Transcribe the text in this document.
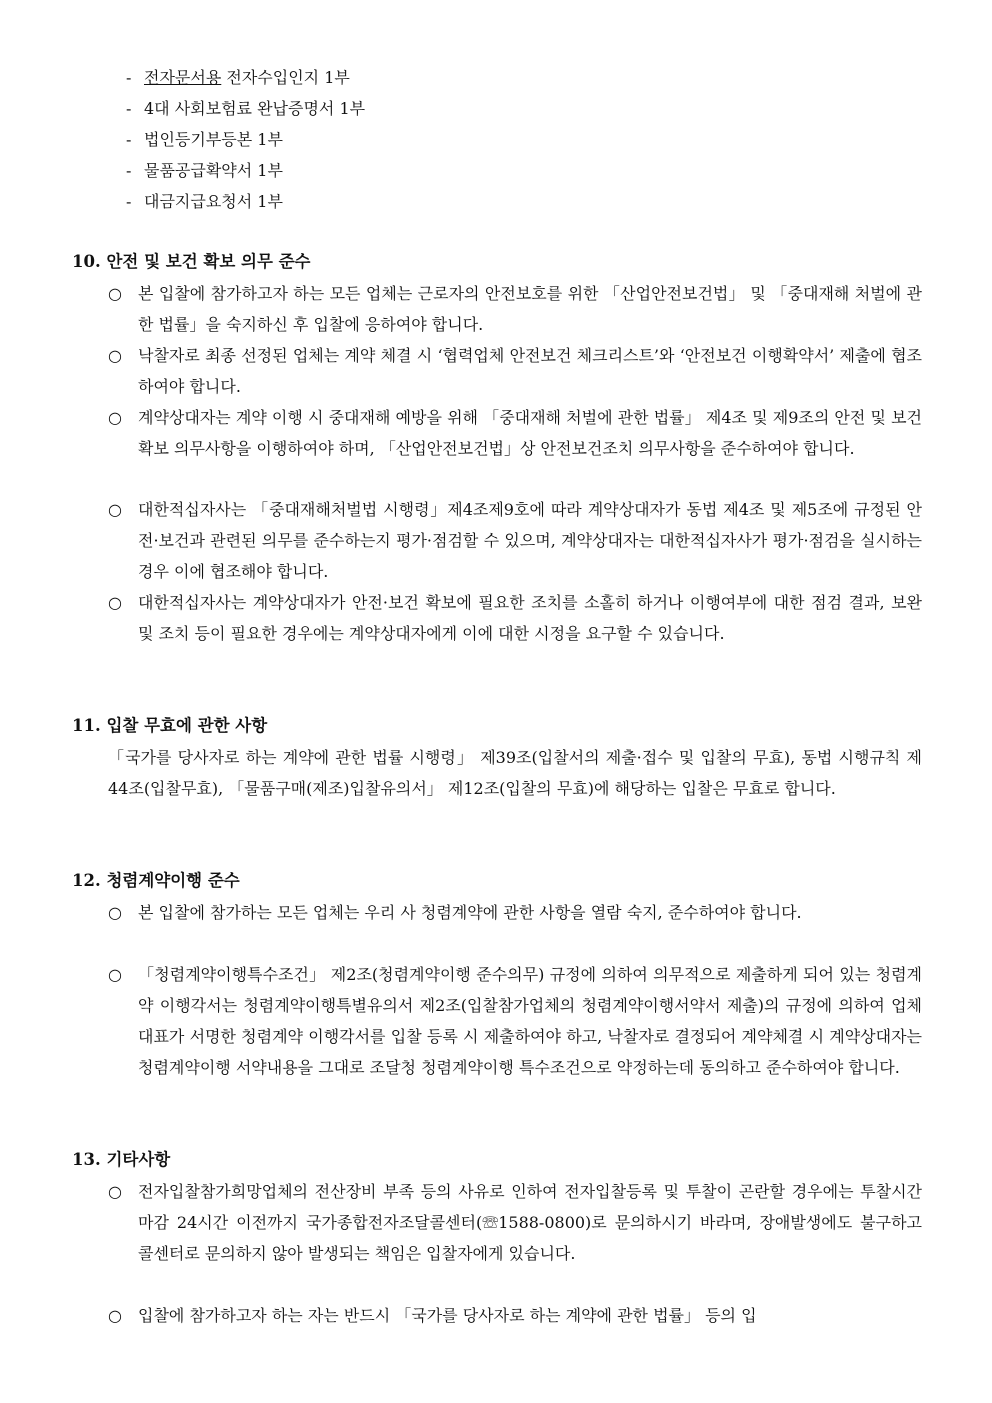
- 전자문서용 전자수입인지 1부
- 4대 사회보험료 완납증명서 1부
- 법인등기부등본 1부
- 물품공급확약서 1부
- 대금지급요청서 1부
10. 안전 및 보건 확보 의무 준수
○	본 입찰에 참가하고자 하는 모든 업체는 근로자의 안전보호를 위한 「산업안전보건법」 및 「중대재해 처벌에 관한 법률」을 숙지하신 후 입찰에 응하여야 합니다.
○	낙찰자로 최종 선정된 업체는 계약 체결 시 ‘협력업체 안전보건 체크리스트’와 ‘안전보건 이행확약서’ 제출에 협조하여야 합니다.
○	계약상대자는 계약 이행 시 중대재해 예방을 위해 「중대재해 처벌에 관한 법률」 제4조 및 제9조의 안전 및 보건 확보 의무사항을 이행하여야 하며, 「산업안전보건법」상 안전보건조치 의무사항을 준수하여야 합니다.
○	대한적십자사는 「중대재해처벌법 시행령」제4조제9호에 따라 계약상대자가 동법 제4조 및 제5조에 규정된 안전·보건과 관련된 의무를 준수하는지 평가·점검할 수 있으며, 계약상대자는 대한적십자사가 평가·점검을 실시하는 경우 이에 협조해야 합니다.
○	대한적십자사는 계약상대자가 안전·보건 확보에 필요한 조치를 소홀히 하거나 이행여부에 대한 점검 결과, 보완 및 조치 등이 필요한 경우에는 계약상대자에게 이에 대한 시정을 요구할 수 있습니다.
11. 입찰 무효에 관한 사항
「국가를 당사자로 하는 계약에 관한 법률 시행령」 제39조(입찰서의 제출·접수 및 입찰의 무효), 동법 시행규칙 제44조(입찰무효), 「물품구매(제조)입찰유의서」 제12조(입찰의 무효)에 해당하는 입찰은 무효로 합니다.
12. 청렴계약이행 준수
○	본 입찰에 참가하는 모든 업체는 우리 사 청렴계약에 관한 사항을 열람 숙지, 준수하여야 합니다.
○	「청렴계약이행특수조건」 제2조(청렴계약이행 준수의무) 규정에 의하여 의무적으로 제출하게 되어 있는 청렴계약 이행각서는 청렴계약이행특별유의서 제2조(입찰참가업체의 청렴계약이행서약서 제출)의 규정에 의하여 업체 대표가 서명한 청렴계약 이행각서를 입찰 등록 시 제출하여야 하고, 낙찰자로 결정되어 계약체결 시 계약상대자는 청렴계약이행 서약내용을 그대로 조달청 청렴계약이행 특수조건으로 약정하는데 동의하고 준수하여야 합니다.
13. 기타사항
○	전자입찰참가희망업체의 전산장비 부족 등의 사유로 인하여 전자입찰등록 및 투찰이 곤란할 경우에는 투찰시간 마감 24시간 이전까지 국가종합전자조달콜센터(☏1588-0800)로 문의하시기 바라며, 장애발생에도 불구하고 콜센터로 문의하지 않아 발생되는 책임은 입찰자에게 있습니다.
○	입찰에 참가하고자 하는 자는 반드시 「국가를 당사자로 하는 계약에 관한 법률」 등의 입
